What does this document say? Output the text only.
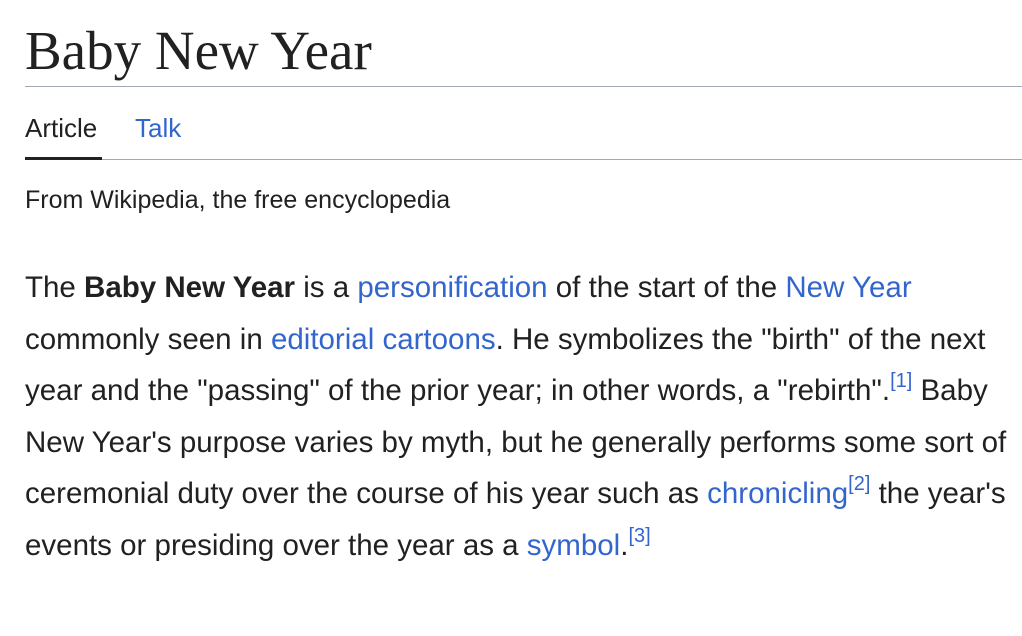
Baby New Year
Article Talk

From Wikipedia, the free encyclopedia

The Baby New Year is a personification of the start of the New Year commonly seen in editorial cartoons. He symbolizes the "birth" of the next year and the "passing" of the prior year; in other words, a "rebirth".[1] Baby New Year's purpose varies by myth, but he generally performs some sort of ceremonial duty over the course of his year such as chronicling[2] the year's events or presiding over the year as a symbol.[3]
